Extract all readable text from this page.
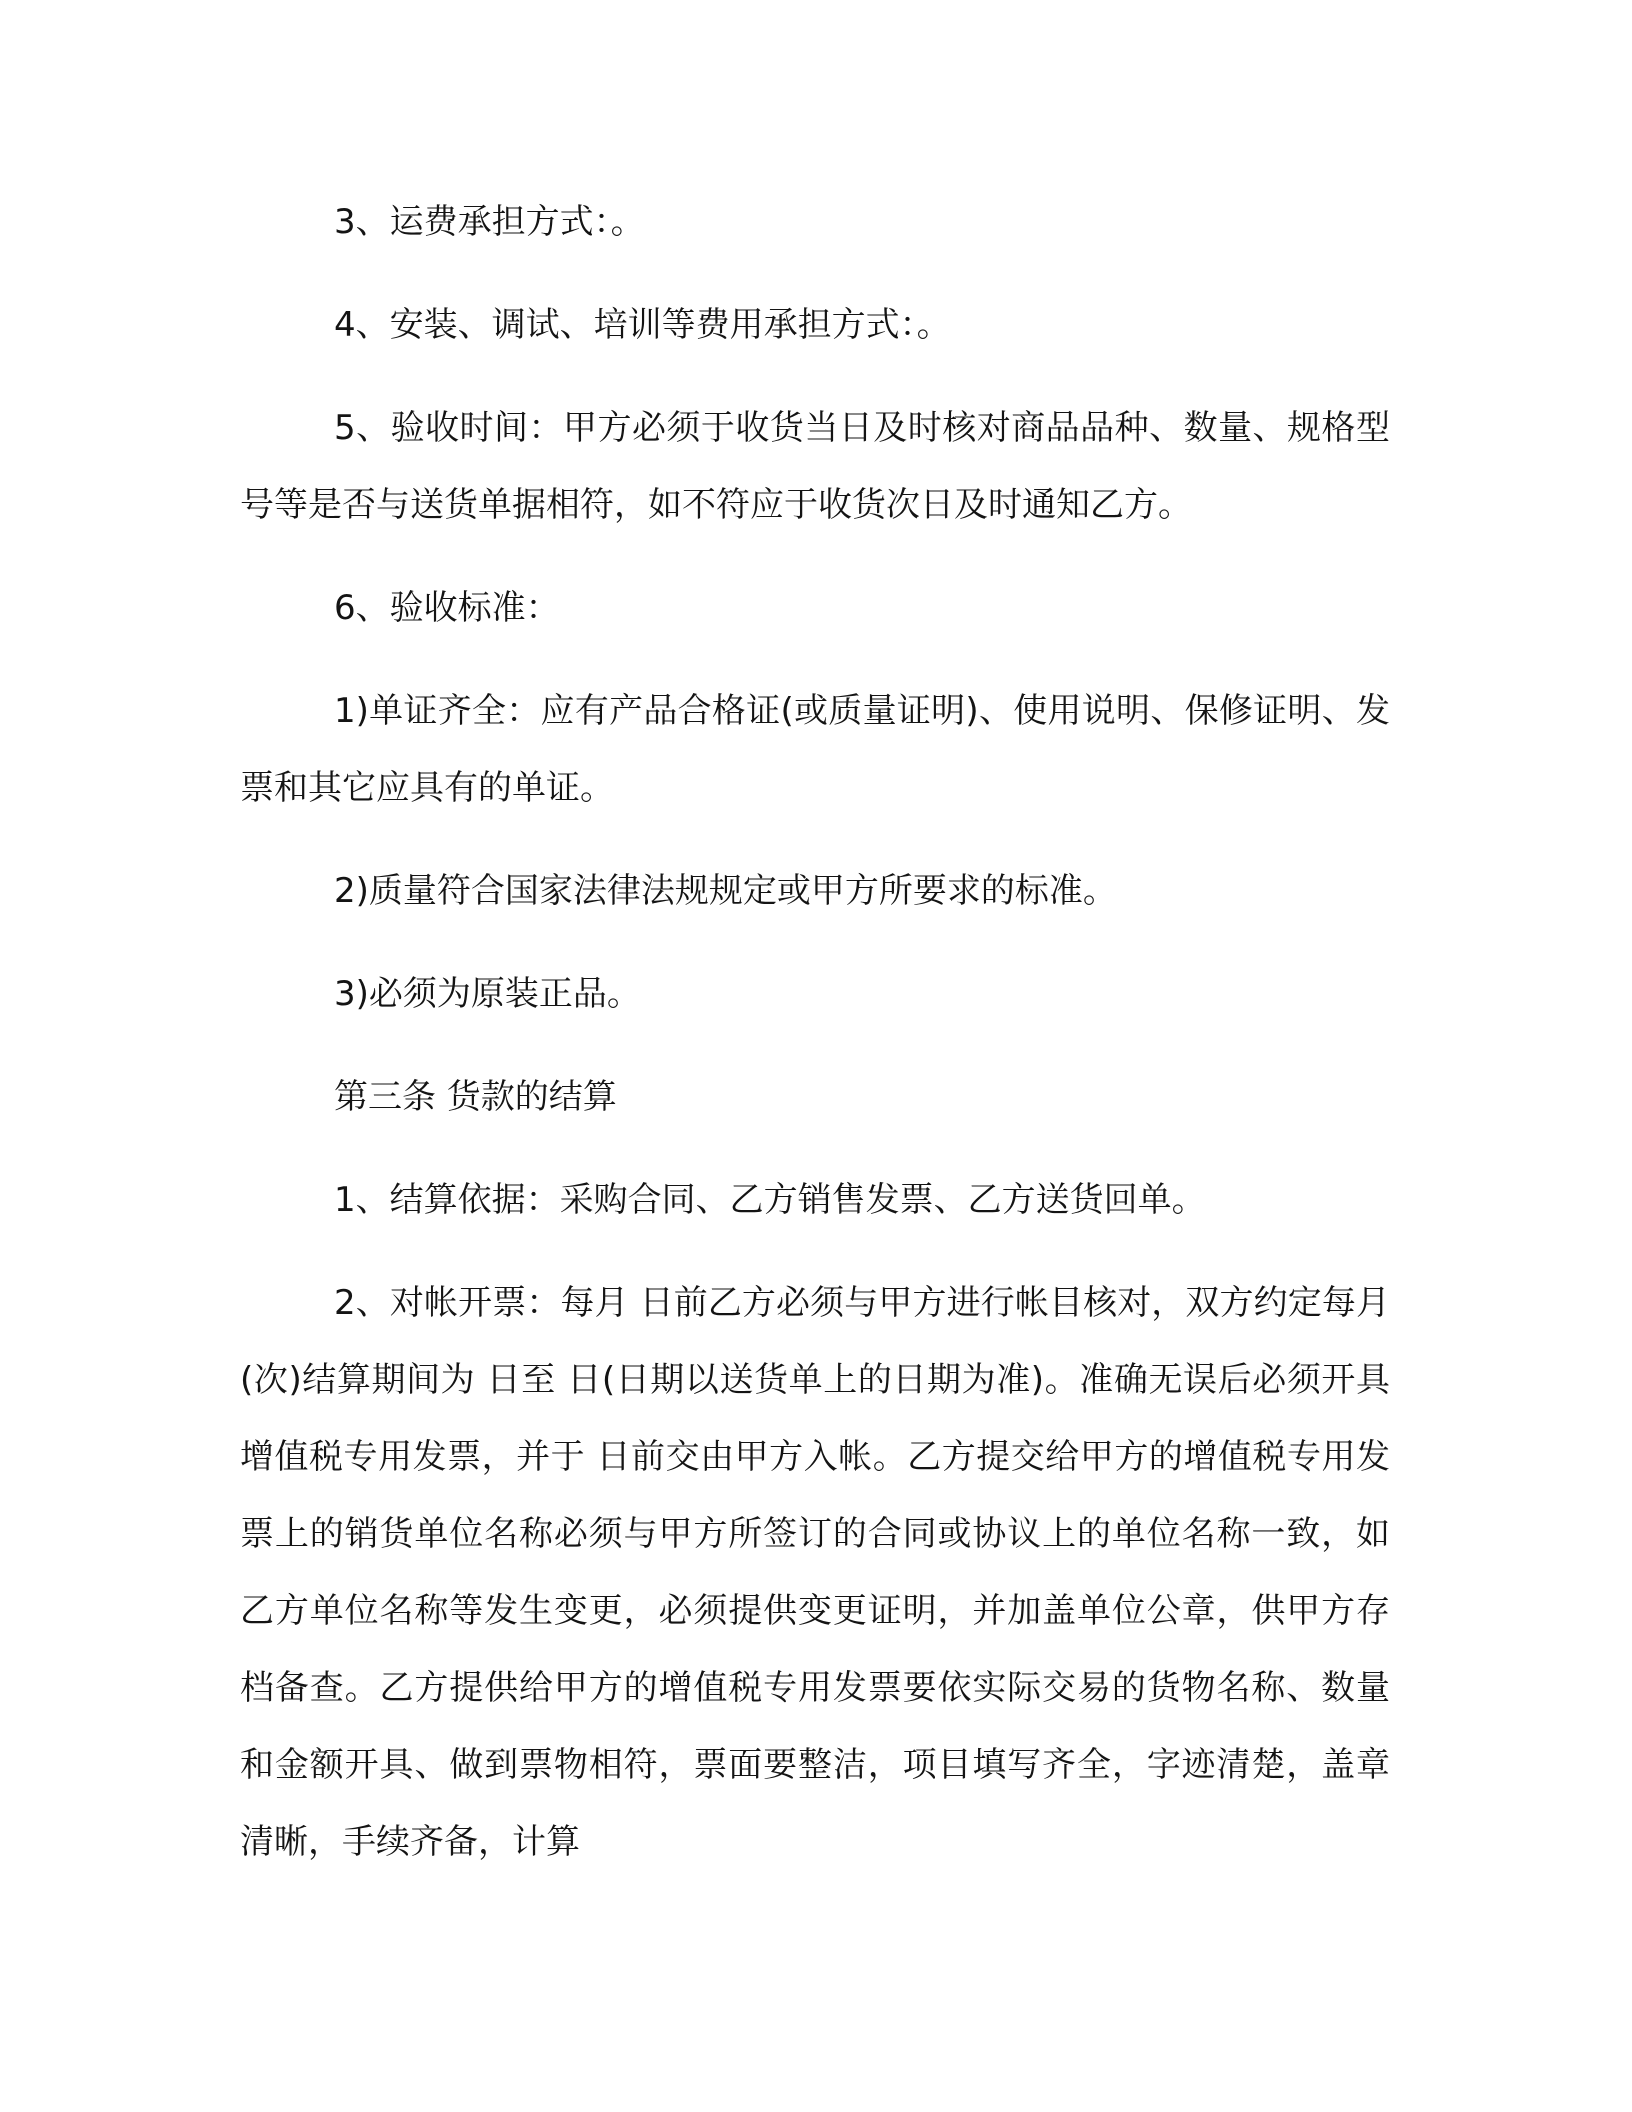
3、运费承担方式：。

4、安装、调试、培训等费用承担方式：。

5、验收时间：甲方必须于收货当日及时核对商品品种、数量、规格型号等是否与送货单据相符，如不符应于收货次日及时通知乙方。

6、验收标准：

1)单证齐全：应有产品合格证(或质量证明)、使用说明、保修证明、发票和其它应具有的单证。

2)质量符合国家法律法规规定或甲方所要求的标准。

3)必须为原装正品。

第三条 货款的结算

1、结算依据：采购合同、乙方销售发票、乙方送货回单。

2、对帐开票：每月 日前乙方必须与甲方进行帐目核对，双方约定每月(次)结算期间为 日至 日(日期以送货单上的日期为准)。准确无误后必须开具增值税专用发票，并于 日前交由甲方入帐。乙方提交给甲方的增值税专用发票上的销货单位名称必须与甲方所签订的合同或协议上的单位名称一致，如乙方单位名称等发生变更，必须提供变更证明，并加盖单位公章，供甲方存档备查。乙方提供给甲方的增值税专用发票要依实际交易的货物名称、数量和金额开具、做到票物相符，票面要整洁，项目填写齐全，字迹清楚，盖章清晰，手续齐备，计算
